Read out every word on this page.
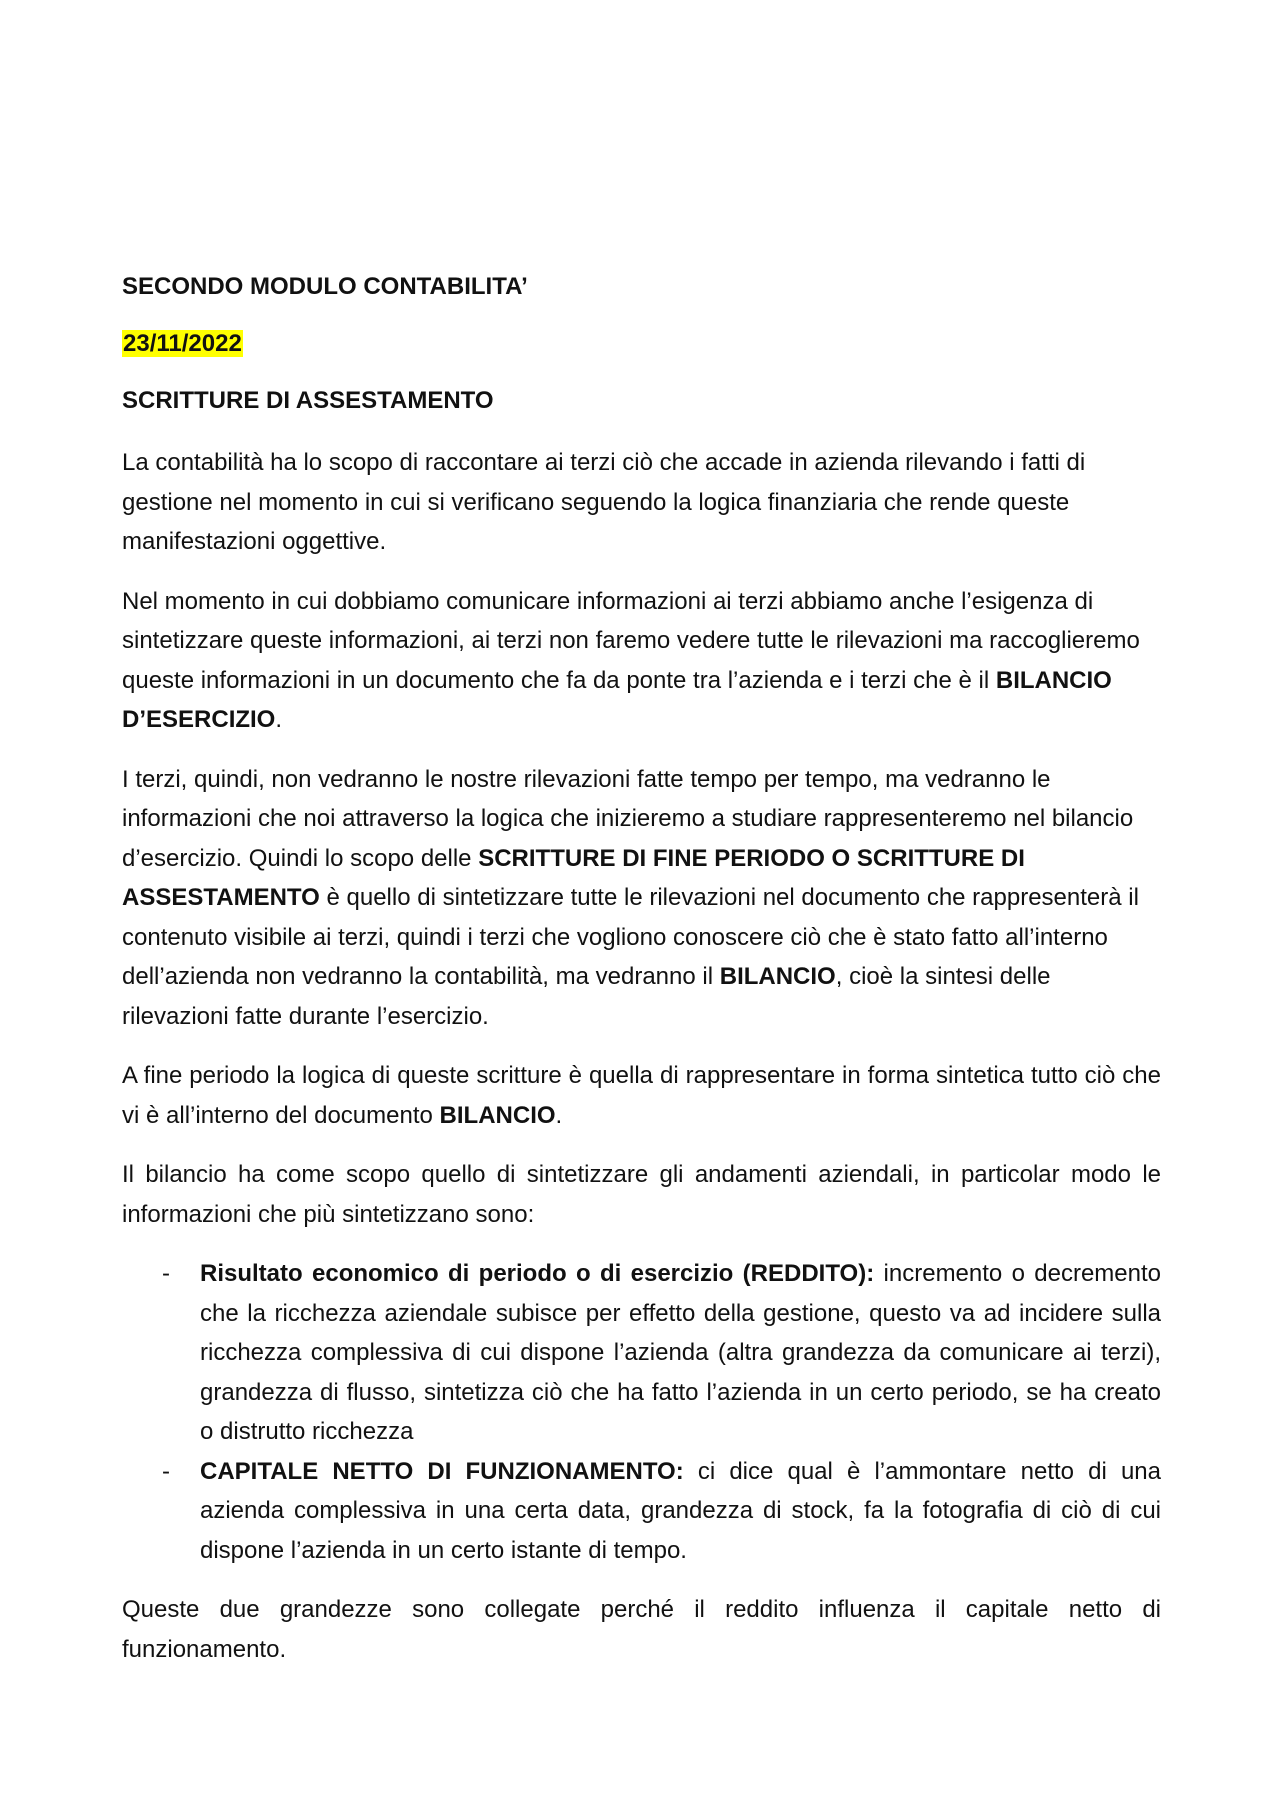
SECONDO MODULO CONTABILITA’
23/11/2022
SCRITTURE DI ASSESTAMENTO

La contabilità ha lo scopo di raccontare ai terzi ciò che accade in azienda rilevando i fatti di gestione nel momento in cui si verificano seguendo la logica finanziaria che rende queste manifestazioni oggettive.

Nel momento in cui dobbiamo comunicare informazioni ai terzi abbiamo anche l’esigenza di sintetizzare queste informazioni, ai terzi non faremo vedere tutte le rilevazioni ma raccoglieremo queste informazioni in un documento che fa da ponte tra l’azienda e i terzi che è il BILANCIO D’ESERCIZIO.

I terzi, quindi, non vedranno le nostre rilevazioni fatte tempo per tempo, ma vedranno le informazioni che noi attraverso la logica che inizieremo a studiare rappresenteremo nel bilancio d’esercizio. Quindi lo scopo delle SCRITTURE DI FINE PERIODO O SCRITTURE DI ASSESTAMENTO è quello di sintetizzare tutte le rilevazioni nel documento che rappresenterà il contenuto visibile ai terzi, quindi i terzi che vogliono conoscere ciò che è stato fatto all’interno dell’azienda non vedranno la contabilità, ma vedranno il BILANCIO, cioè la sintesi delle rilevazioni fatte durante l’esercizio.

A fine periodo la logica di queste scritture è quella di rappresentare in forma sintetica tutto ciò che vi è all’interno del documento BILANCIO.

Il bilancio ha come scopo quello di sintetizzare gli andamenti aziendali, in particolar modo le informazioni che più sintetizzano sono:

- Risultato economico di periodo o di esercizio (REDDITO): incremento o decremento che la ricchezza aziendale subisce per effetto della gestione, questo va ad incidere sulla ricchezza complessiva di cui dispone l’azienda (altra grandezza da comunicare ai terzi), grandezza di flusso, sintetizza ciò che ha fatto l’azienda in un certo periodo, se ha creato o distrutto ricchezza
- CAPITALE NETTO DI FUNZIONAMENTO: ci dice qual è l’ammontare netto di una azienda complessiva in una certa data, grandezza di stock, fa la fotografia di ciò di cui dispone l’azienda in un certo istante di tempo.

Queste due grandezze sono collegate perché il reddito influenza il capitale netto di funzionamento.
